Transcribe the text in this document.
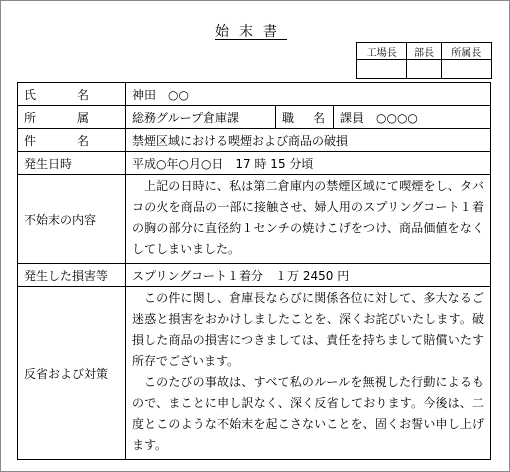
始末書
工場長	部長	所属長

氏 名	神田　○○		

所 属	総務グループ倉庫課	職 名	課員　○○○○

件 名	禁煙区域における喫煙および商品の破損		
発生日時	平成○年○月○日　17 時 15 分頃		
不始末の内容	上記の日時に、私は第二倉庫内の禁煙区域にて喫煙をし、タバコの火を商品の一部に接触させ、婦人用のスプリングコート１着の胸の部分に直径約１センチの焼けこげをつけ、商品価値をなくしてしまいました。		

発生した損害等	スプリングコート１着分　１万 2450 円		
反省および対策	この件に関し、倉庫長ならびに関係各位に対して、多大なるご迷惑と損害をおかけしましたことを、深くお詫びいたします。破損した商品の損害につきましては、責任を持ちまして賠償いたす所存でございます。

このたびの事故は、すべて私のルールを無視した行動によるもので、まことに申し訳なく、深く反省しております。今後は、二度とこのような不始末を起こさないことを、固くお誓い申し上げます。		
